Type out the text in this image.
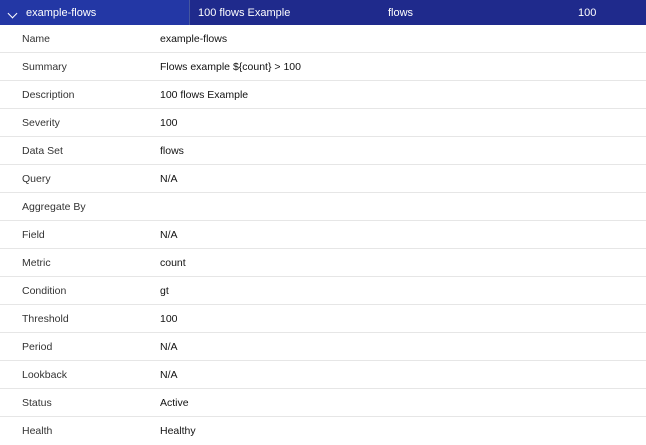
example-flows	100 flows Example	flows	100
Name	example-flows
Summary	Flows example ${count} > 100
Description	100 flows Example
Severity	100
Data Set	flows
Query	N/A
Aggregate By
Field	N/A
Metric	count
Condition	gt
Threshold	100
Period	N/A
Lookback	N/A
Status	Active
Health	Healthy
